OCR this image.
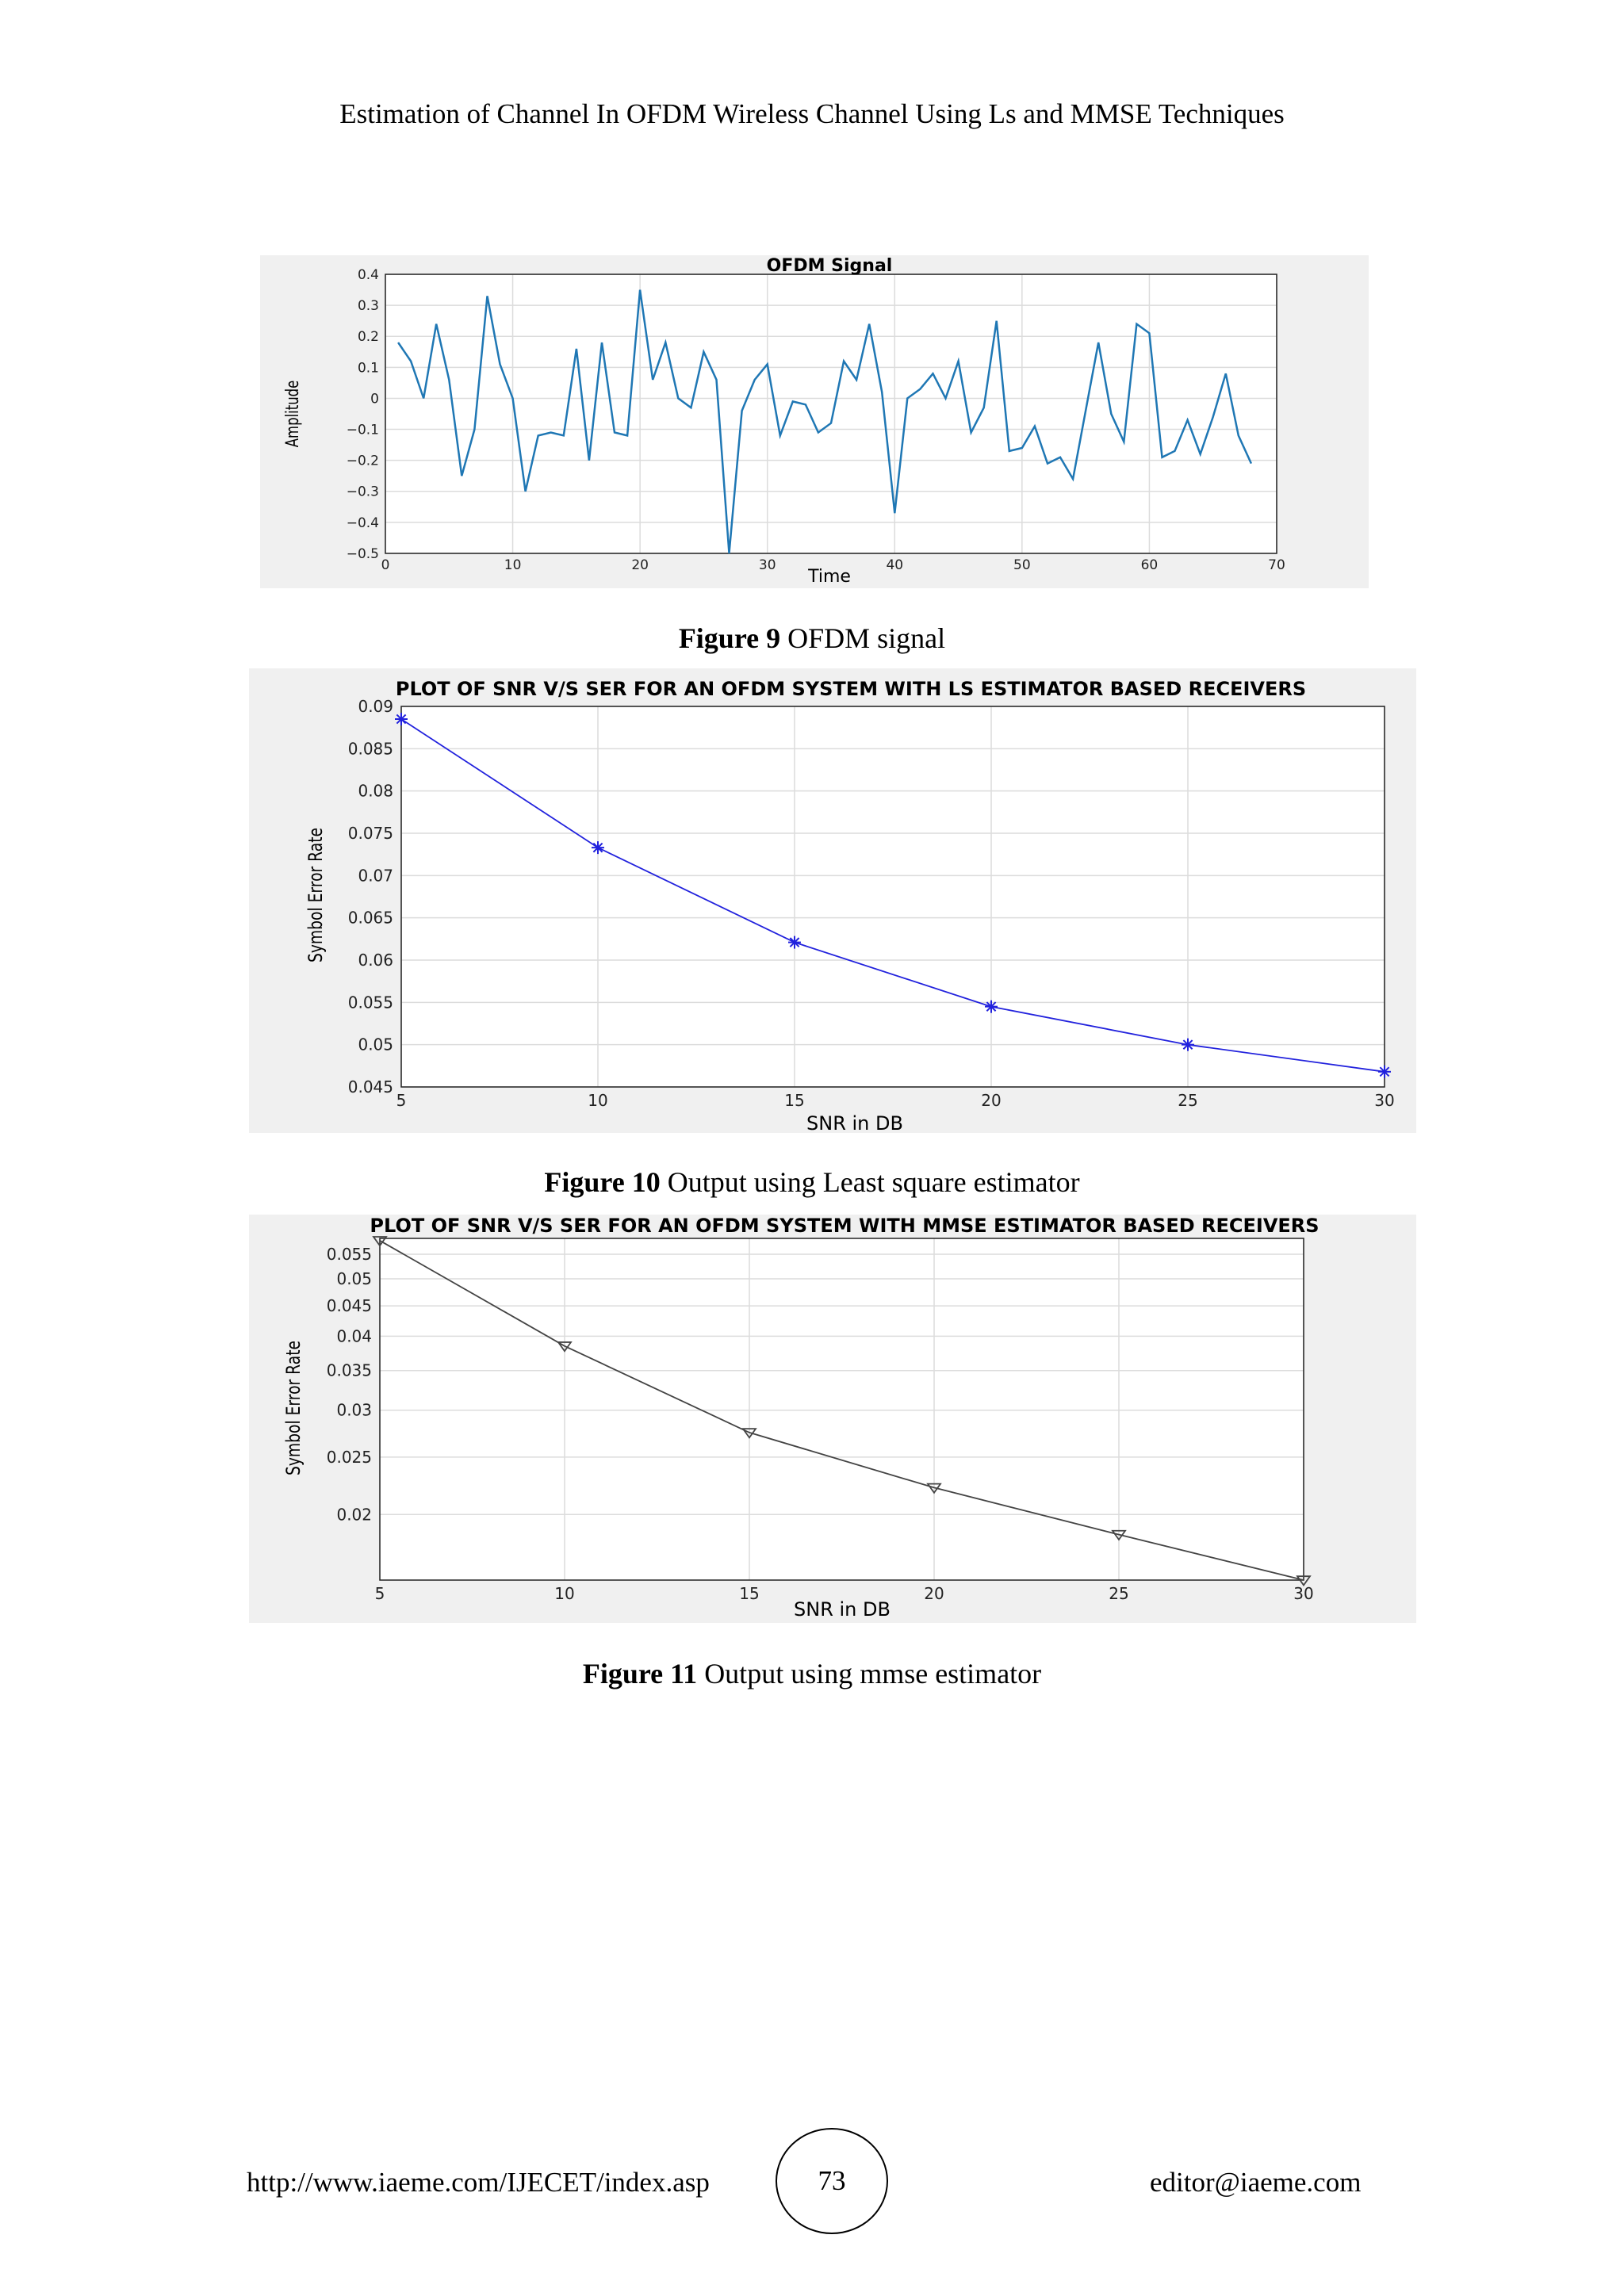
Estimation of Channel In OFDM Wireless Channel Using Ls and MMSE Techniques
0	10	20	30	40	50	60	70
0.4
0.3
0.2
0.1
0
−0.1
−0.2
−0.3
−0.4
−0.5
OFDM Signal
Time
Amplitude
Figure 9 OFDM signal
5	10	15	20	25	30
0.09
0.085
0.08
0.075
0.07
0.065
0.06
0.055
0.05
0.045
PLOT OF SNR V/S SER FOR AN OFDM SYSTEM WITH LS ESTIMATOR BASED RECEIVERS
SNR in DB
Symbol Error Rate
Figure 10 Output using Least square estimator
5	10	15	20	25	30
0.055
0.05
0.045
0.04
0.035
0.03
0.025
0.02
PLOT OF SNR V/S SER FOR AN OFDM SYSTEM WITH MMSE ESTIMATOR BASED RECEIVERS
SNR in DB
Symbol Error Rate
Figure 11 Output using mmse estimator
http://www.iaeme.com/IJECET/index.asp	73	editor@iaeme.com
